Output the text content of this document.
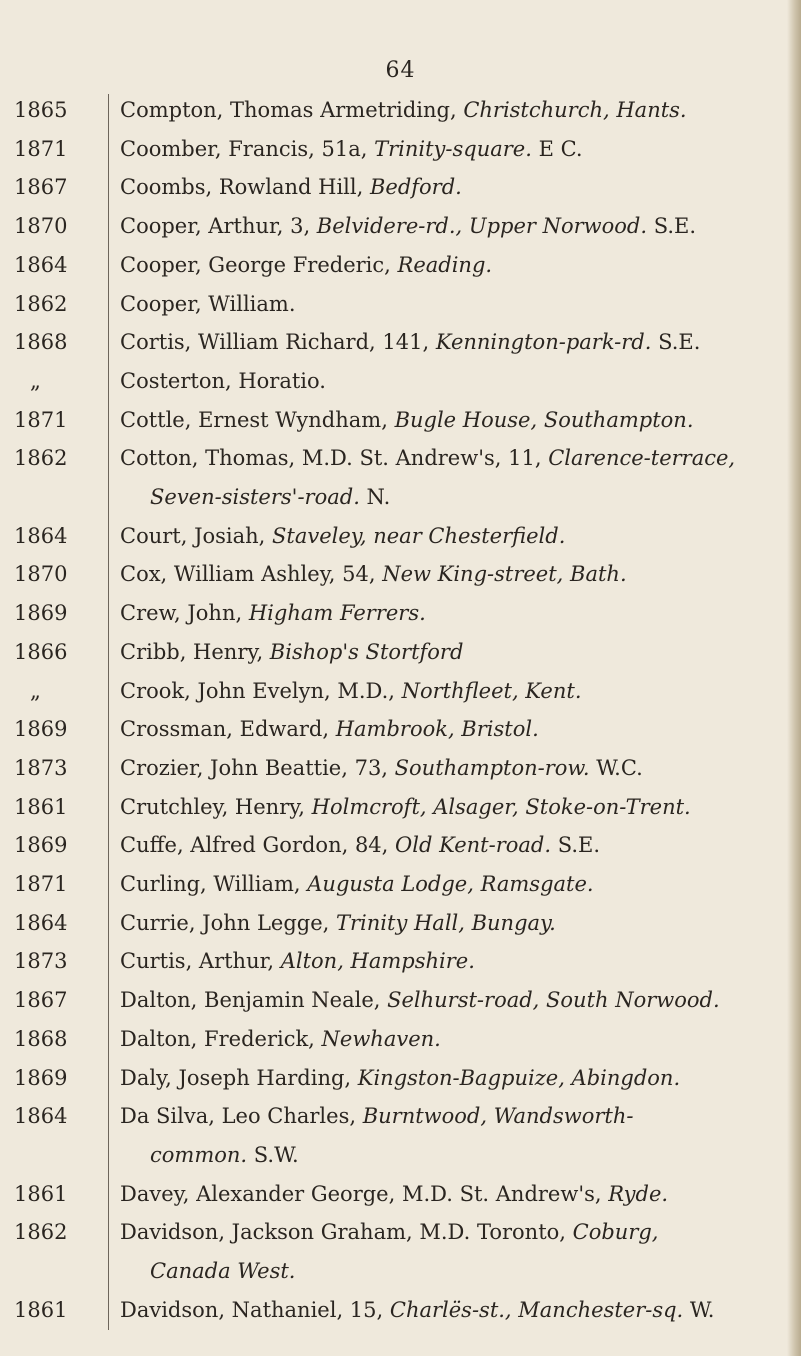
64
1865	Compton, Thomas Armetriding, Christchurch, Hants.
1871	Coomber, Francis, 51a, Trinity-square. E C.
1867	Coombs, Rowland Hill, Bedford.
1870	Cooper, Arthur, 3, Belvidere-rd., Upper Norwood. S.E.
1864	Cooper, George Frederic, Reading.
1862	Cooper, William.
1868	Cortis, William Richard, 141, Kennington-park-rd. S.E.
„	Costerton, Horatio.
1871	Cottle, Ernest Wyndham, Bugle House, Southampton.
1862	Cotton, Thomas, M.D. St. Andrew's, 11, Clarence-terrace,
Seven-sisters'-road. N.
1864	Court, Josiah, Staveley, near Chesterfield.
1870	Cox, William Ashley, 54, New King-street, Bath.
1869	Crew, John, Higham Ferrers.
1866	Cribb, Henry, Bishop's Stortford
„	Crook, John Evelyn, M.D., Northfleet, Kent.
1869	Crossman, Edward, Hambrook, Bristol.
1873	Crozier, John Beattie, 73, Southampton-row. W.C.
1861	Crutchley, Henry, Holmcroft, Alsager, Stoke-on-Trent.
1869	Cuffe, Alfred Gordon, 84, Old Kent-road. S.E.
1871	Curling, William, Augusta Lodge, Ramsgate.
1864	Currie, John Legge, Trinity Hall, Bungay.
1873	Curtis, Arthur, Alton, Hampshire.
1867	Dalton, Benjamin Neale, Selhurst-road, South Norwood.
1868	Dalton, Frederick, Newhaven.
1869	Daly, Joseph Harding, Kingston-Bagpuize, Abingdon.
1864	Da Silva, Leo Charles, Burntwood, Wandsworth-
common. S.W.
1861	Davey, Alexander George, M.D. St. Andrew's, Ryde.
1862	Davidson, Jackson Graham, M.D. Toronto, Coburg,
Canada West.
1861	Davidson, Nathaniel, 15, Charlës-st., Manchester-sq. W.
